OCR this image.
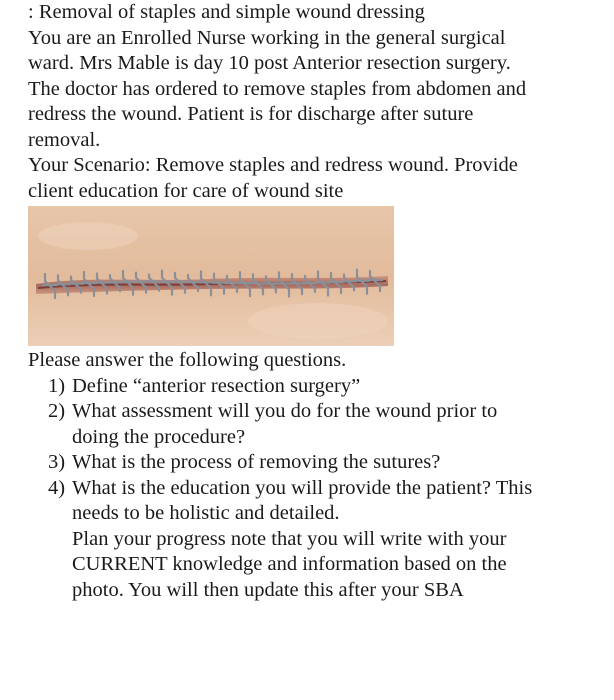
: Removal of staples and simple wound dressing
You are an Enrolled Nurse working in the general surgical
ward. Mrs Mable is day 10 post Anterior resection surgery.
The doctor has ordered to remove staples from abdomen and
redress the wound. Patient is for discharge after suture
removal.
Your Scenario: Remove staples and redress wound. Provide
client education for care of wound site
Please answer the following questions.
1) Define “anterior resection surgery”
2) What assessment will you do for the wound prior to
doing the procedure?
3) What is the process of removing the sutures?
4) What is the education you will provide the patient? This
needs to be holistic and detailed.
Plan your progress note that you will write with your
CURRENT knowledge and information based on the
photo. You will then update this after your SBA
